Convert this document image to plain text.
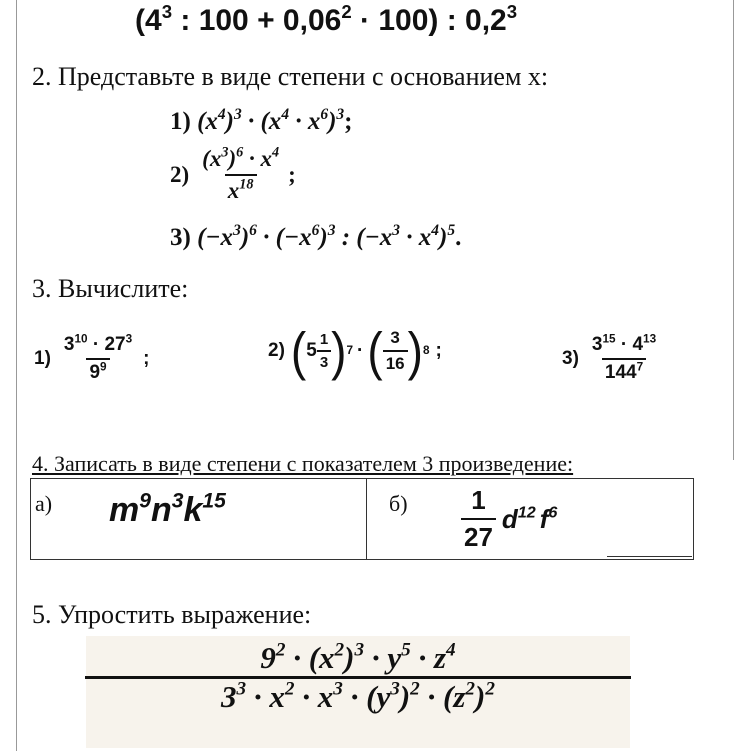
($4^3$ : $100 + 0,06^2 \cdot 100$) : $0,2^3$
2. Представьте в виде степени с основанием х:
1) $(x^4)^3 \cdot (x^4 \cdot x^6)^3$;
$2) \frac{(x^3)^6 \cdot x^4}{x^{18}}$ ;
3) $(-x^3)^6 \cdot (-x^6)^3$ : $(-x^3 \cdot x^4)^5$.
3. Вычислите:
$1) \frac{3^{10} \cdot 27^3}{9^9}$ ;	2) ( $5 \frac{1}{3}$ ) 7 · ( $\frac{3}{16}$ ) 8 ;	$3) \frac{3^{15} \cdot 4^{13}}{144^7}$
4. Записать в виде степени с показателем 3 произведение:
а) $m^9n^3k^{15}$	$б) \frac{1}{27} d^{12}$ $f^6$
5. Упростить выражение:
$9^2 \cdot (x^2)^3 \cdot y^5 \cdot z^4$
$3^3 \cdot x^2 \cdot x^3 \cdot (y^3)^2 \cdot (z^2)^2$
